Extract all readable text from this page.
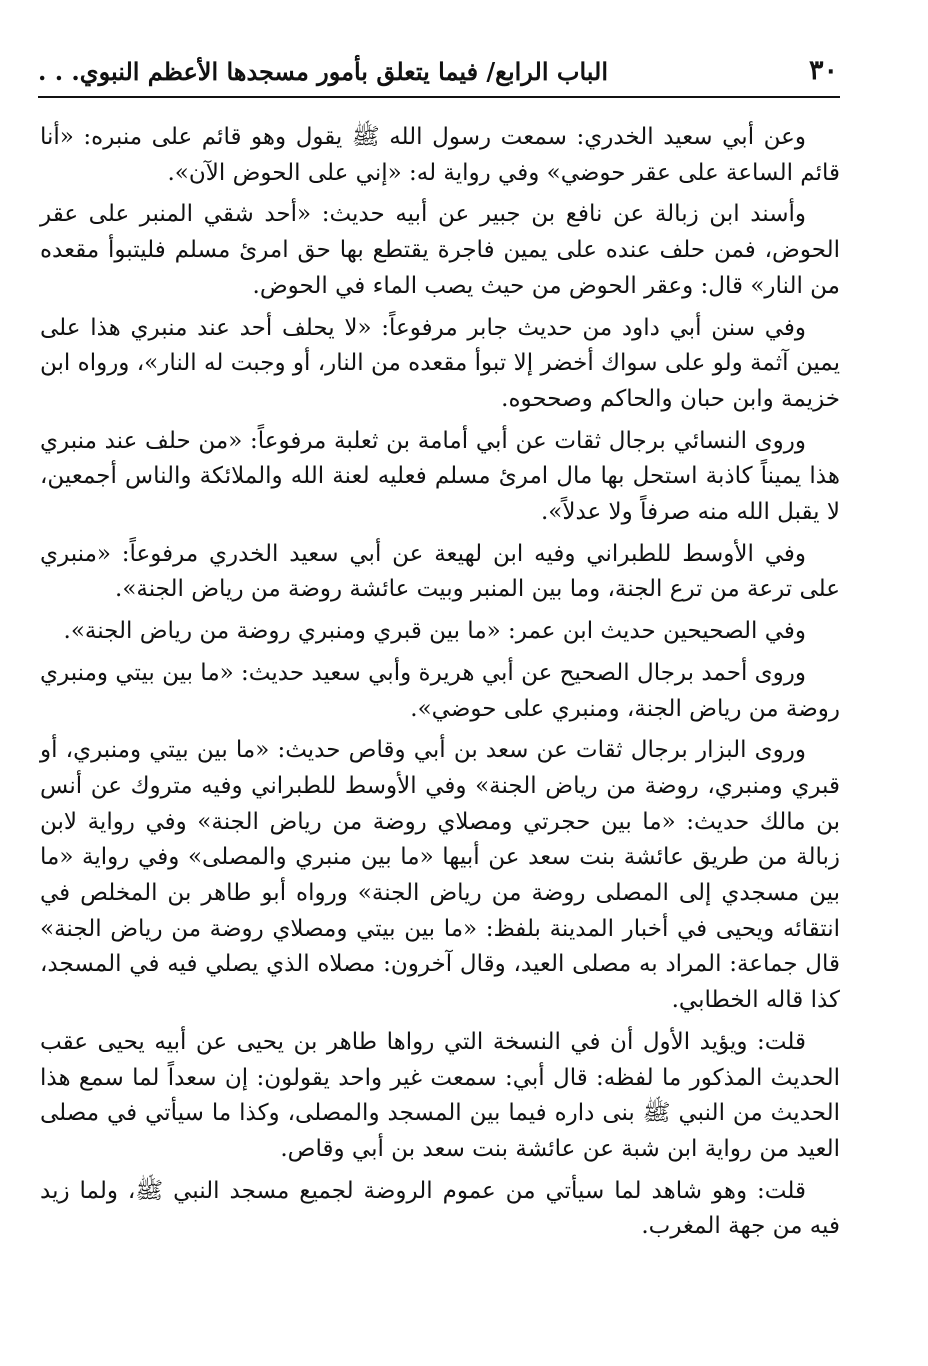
٣٠
الباب الرابع/ فيما يتعلق بأمور مسجدها الأعظم النبوي. . .

وعن أبي سعيد الخدري: سمعت رسول الله ﷺ يقول وهو قائم على منبره: «أنا قائم الساعة على عقر حوضي» وفي رواية له: «إني على الحوض الآن».

وأسند ابن زبالة عن نافع بن جبير عن أبيه حديث: «أحد شقي المنبر على عقر الحوض، فمن حلف عنده على يمين فاجرة يقتطع بها حق امرئ مسلم فليتبوأ مقعده من النار» قال: وعقر الحوض من حيث يصب الماء في الحوض.

وفي سنن أبي داود من حديث جابر مرفوعاً: «لا يحلف أحد عند منبري هذا على يمين آثمة ولو على سواك أخضر إلا تبوأ مقعده من النار، أو وجبت له النار»، ورواه ابن خزيمة وابن حبان والحاكم وصححوه.

وروى النسائي برجال ثقات عن أبي أمامة بن ثعلبة مرفوعاً: «من حلف عند منبري هذا يميناً كاذبة استحل بها مال امرئ مسلم فعليه لعنة الله والملائكة والناس أجمعين، لا يقبل الله منه صرفاً ولا عدلاً».

وفي الأوسط للطبراني وفيه ابن لهيعة عن أبي سعيد الخدري مرفوعاً: «منبري على ترعة من ترع الجنة، وما بين المنبر وبيت عائشة روضة من رياض الجنة».

وفي الصحيحين حديث ابن عمر: «ما بين قبري ومنبري روضة من رياض الجنة».

وروى أحمد برجال الصحيح عن أبي هريرة وأبي سعيد حديث: «ما بين بيتي ومنبري روضة من رياض الجنة، ومنبري على حوضي».

وروى البزار برجال ثقات عن سعد بن أبي وقاص حديث: «ما بين بيتي ومنبري، أو قبري ومنبري، روضة من رياض الجنة» وفي الأوسط للطبراني وفيه متروك عن أنس بن مالك حديث: «ما بين حجرتي ومصلاي روضة من رياض الجنة» وفي رواية لابن زبالة من طريق عائشة بنت سعد عن أبيها «ما بين منبري والمصلى» وفي رواية «ما بين مسجدي إلى المصلى روضة من رياض الجنة» ورواه أبو طاهر بن المخلص في انتقائه ويحيى في أخبار المدينة بلفظ: «ما بين بيتي ومصلاي روضة من رياض الجنة» قال جماعة: المراد به مصلى العيد، وقال آخرون: مصلاه الذي يصلي فيه في المسجد، كذا قاله الخطابي.

قلت: ويؤيد الأول أن في النسخة التي رواها طاهر بن يحيى عن أبيه يحيى عقب الحديث المذكور ما لفظه: قال أبي: سمعت غير واحد يقولون: إن سعداً لما سمع هذا الحديث من النبي ﷺ بنى داره فيما بين المسجد والمصلى، وكذا ما سيأتي في مصلى العيد من رواية ابن شبة عن عائشة بنت سعد بن أبي وقاص.

قلت: وهو شاهد لما سيأتي من عموم الروضة لجميع مسجد النبي ﷺ، ولما زيد فيه من جهة المغرب.
